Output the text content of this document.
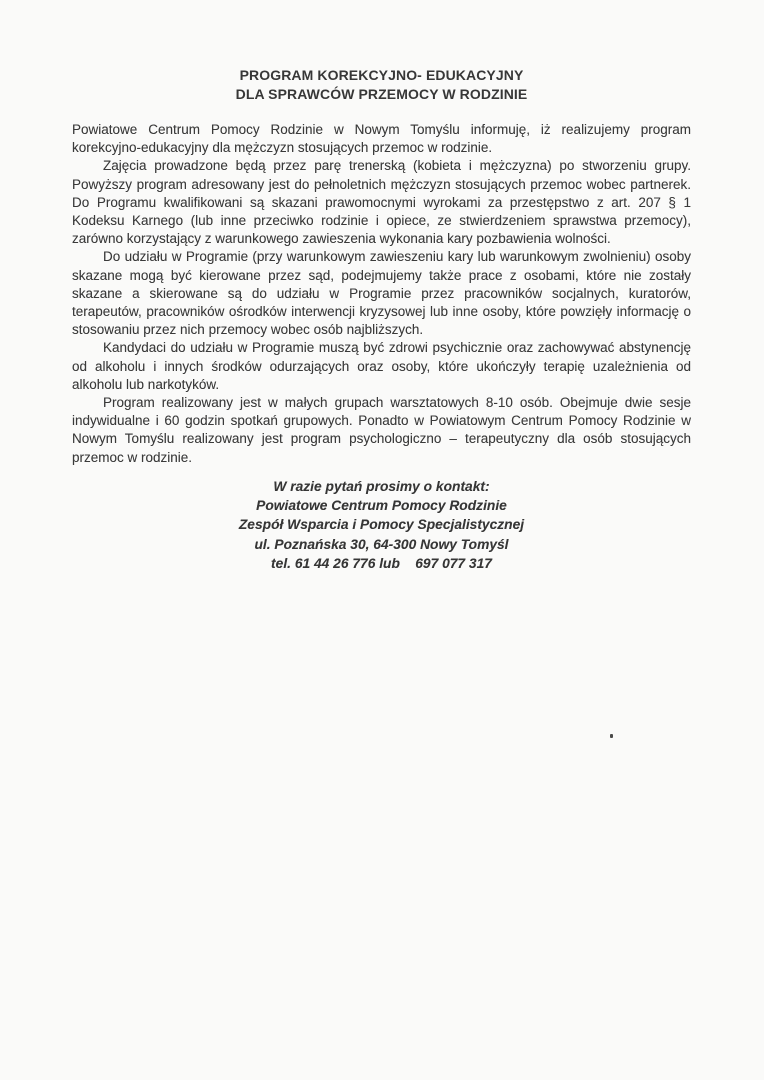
PROGRAM KOREKCYJNO- EDUKACYJNY
DLA SPRAWCÓW PRZEMOCY W RODZINIE

Powiatowe Centrum Pomocy Rodzinie w Nowym Tomyślu informuję, iż realizujemy program korekcyjno-edukacyjny dla mężczyzn stosujących przemoc w rodzinie.

Zajęcia prowadzone będą przez parę trenerską (kobieta i mężczyzna) po stworzeniu grupy. Powyższy program adresowany jest do pełnoletnich mężczyzn stosujących przemoc wobec partnerek. Do Programu kwalifikowani są skazani prawomocnymi wyrokami za przestępstwo z art. 207 § 1 Kodeksu Karnego (lub inne przeciwko rodzinie i opiece, ze stwierdzeniem sprawstwa przemocy), zarówno korzystający z warunkowego zawieszenia wykonania kary pozbawienia wolności.

Do udziału w Programie (przy warunkowym zawieszeniu kary lub warunkowym zwolnieniu) osoby skazane mogą być kierowane przez sąd, podejmujemy także prace z osobami, które nie zostały skazane a skierowane są do udziału w Programie przez pracowników socjalnych, kuratorów, terapeutów, pracowników ośrodków interwencji kryzysowej lub inne osoby, które powzięły informację o stosowaniu przez nich przemocy wobec osób najbliższych.

Kandydaci do udziału w Programie muszą być zdrowi psychicznie oraz zachowywać abstynencję od alkoholu i innych środków odurzających oraz osoby, które ukończyły terapię uzależnienia od alkoholu lub narkotyków.

Program realizowany jest w małych grupach warsztatowych 8-10 osób. Obejmuje dwie sesje indywidualne i 60 godzin spotkań grupowych. Ponadto w Powiatowym Centrum Pomocy Rodzinie w Nowym Tomyślu realizowany jest program psychologiczno – terapeutyczny dla osób stosujących przemoc w rodzinie.

W razie pytań prosimy o kontakt:
Powiatowe Centrum Pomocy Rodzinie
Zespół Wsparcia i Pomocy Specjalistycznej
ul. Poznańska 30, 64-300 Nowy Tomyśl
tel. 61 44 26 776 lub    697 077 317
